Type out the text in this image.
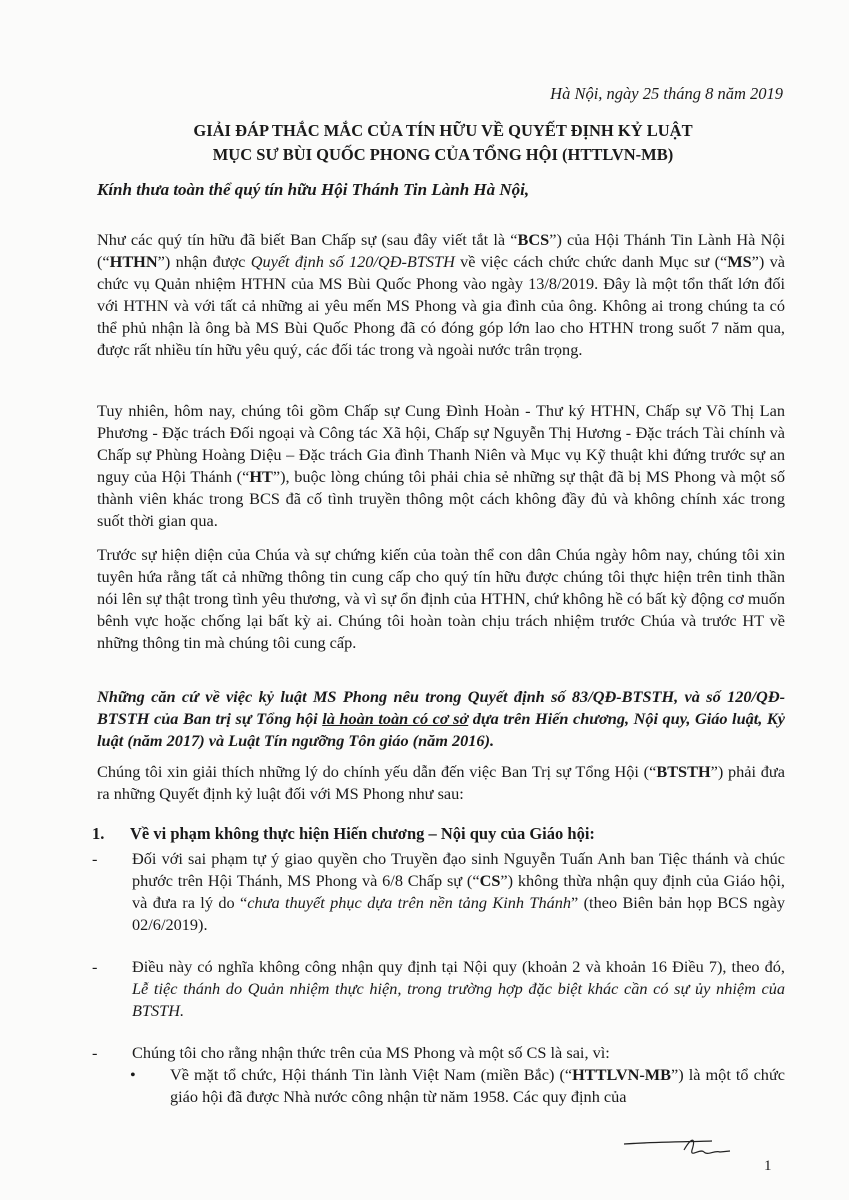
Hà Nội, ngày 25 tháng 8 năm 2019
GIẢI ĐÁP THẮC MẮC CỦA TÍN HỮU VỀ QUYẾT ĐỊNH KỶ LUẬT
MỤC SƯ BÙI QUỐC PHONG CỦA TỔNG HỘI (HTTLVN-MB)
Kính thưa toàn thể quý tín hữu Hội Thánh Tin Lành Hà Nội,
Như các quý tín hữu đã biết Ban Chấp sự (sau đây viết tắt là “BCS”) của Hội Thánh Tin Lành Hà Nội (“HTHN”) nhận được Quyết định số 120/QĐ-BTSTH về việc cách chức chức danh Mục sư (“MS”) và chức vụ Quản nhiệm HTHN của MS Bùi Quốc Phong vào ngày 13/8/2019. Đây là một tổn thất lớn đối với HTHN và với tất cả những ai yêu mến MS Phong và gia đình của ông. Không ai trong chúng ta có thể phủ nhận là ông bà MS Bùi Quốc Phong đã có đóng góp lớn lao cho HTHN trong suốt 7 năm qua, được rất nhiều tín hữu yêu quý, các đối tác trong và ngoài nước trân trọng.
Tuy nhiên, hôm nay, chúng tôi gồm Chấp sự Cung Đình Hoàn - Thư ký HTHN, Chấp sự Võ Thị Lan Phương - Đặc trách Đối ngoại và Công tác Xã hội, Chấp sự Nguyễn Thị Hương - Đặc trách Tài chính và Chấp sự Phùng Hoàng Diệu – Đặc trách Gia đình Thanh Niên và Mục vụ Kỹ thuật khi đứng trước sự an nguy của Hội Thánh (“HT”), buộc lòng chúng tôi phải chia sẻ những sự thật đã bị MS Phong và một số thành viên khác trong BCS đã cố tình truyền thông một cách không đầy đủ và không chính xác trong suốt thời gian qua.
Trước sự hiện diện của Chúa và sự chứng kiến của toàn thể con dân Chúa ngày hôm nay, chúng tôi xin tuyên hứa rằng tất cả những thông tin cung cấp cho quý tín hữu được chúng tôi thực hiện trên tinh thần nói lên sự thật trong tình yêu thương, và vì sự ổn định của HTHN, chứ không hề có bất kỳ động cơ muốn bênh vực hoặc chống lại bất kỳ ai. Chúng tôi hoàn toàn chịu trách nhiệm trước Chúa và trước HT về những thông tin mà chúng tôi cung cấp.
Những căn cứ về việc kỷ luật MS Phong nêu trong Quyết định số 83/QĐ-BTSTH, và số 120/QĐ-BTSTH của Ban trị sự Tổng hội là hoàn toàn có cơ sở dựa trên Hiến chương, Nội quy, Giáo luật, Kỷ luật (năm 2017) và Luật Tín ngưỡng Tôn giáo (năm 2016).
Chúng tôi xin giải thích những lý do chính yếu dẫn đến việc Ban Trị sự Tổng Hội (“BTSTH”) phải đưa ra những Quyết định kỷ luật đối với MS Phong như sau:
1. Về vi phạm không thực hiện Hiến chương – Nội quy của Giáo hội:
-	Đối với sai phạm tự ý giao quyền cho Truyền đạo sinh Nguyễn Tuấn Anh ban Tiệc thánh và chúc phước trên Hội Thánh, MS Phong và 6/8 Chấp sự (“CS”) không thừa nhận quy định của Giáo hội, và đưa ra lý do “chưa thuyết phục dựa trên nền tảng Kinh Thánh” (theo Biên bản họp BCS ngày 02/6/2019).
-	Điều này có nghĩa không công nhận quy định tại Nội quy (khoản 2 và khoản 16 Điều 7), theo đó, Lễ tiệc thánh do Quản nhiệm thực hiện, trong trường hợp đặc biệt khác cần có sự ủy nhiệm của BTSTH.
-	Chúng tôi cho rằng nhận thức trên của MS Phong và một số CS là sai, vì:
• Về mặt tổ chức, Hội thánh Tin lành Việt Nam (miền Bắc) (“HTTLVN-MB”) là một tổ chức giáo hội đã được Nhà nước công nhận từ năm 1958. Các quy định của
1
